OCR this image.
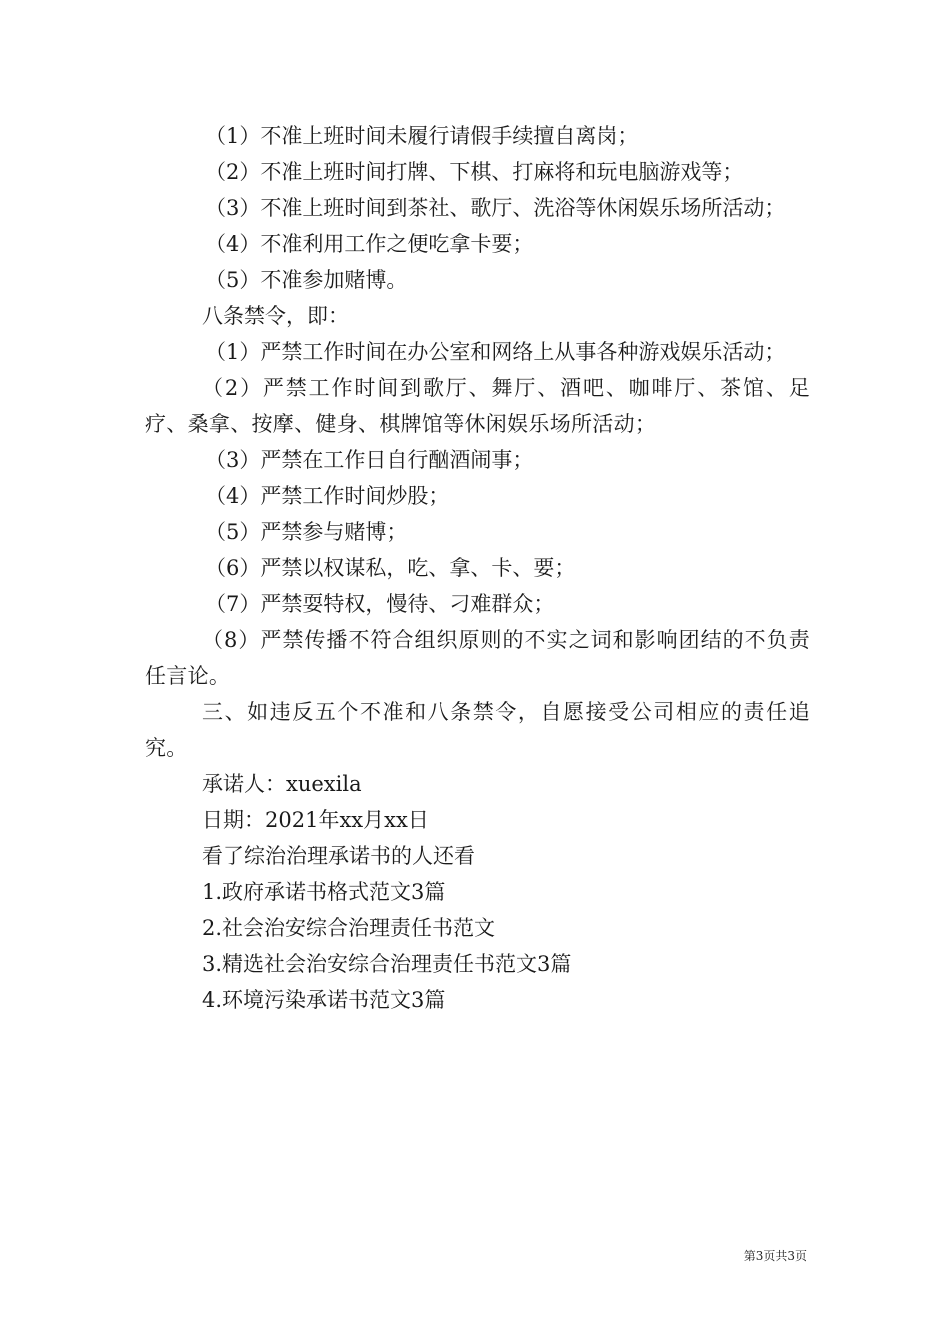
（1）不准上班时间未履行请假手续擅自离岗；

（2）不准上班时间打牌、下棋、打麻将和玩电脑游戏等；

（3）不准上班时间到茶社、歌厅、洗浴等休闲娱乐场所活动；

（4）不准利用工作之便吃拿卡要；

（5）不准参加赌博。

八条禁令，即：

（1）严禁工作时间在办公室和网络上从事各种游戏娱乐活动；

（2）严禁工作时间到歌厅、舞厅、酒吧、咖啡厅、茶馆、足疗、桑拿、按摩、健身、棋牌馆等休闲娱乐场所活动；

（3）严禁在工作日自行酗酒闹事；

（4）严禁工作时间炒股；

（5）严禁参与赌博；

（6）严禁以权谋私，吃、拿、卡、要；

（7）严禁耍特权，慢待、刁难群众；

（8）严禁传播不符合组织原则的不实之词和影响团结的不负责任言论。

三、如违反五个不准和八条禁令，自愿接受公司相应的责任追究。

承诺人：xuexila

日期：2021年xx月xx日

看了综治治理承诺书的人还看

1.政府承诺书格式范文3篇

2.社会治安综合治理责任书范文

3.精选社会治安综合治理责任书范文3篇

4.环境污染承诺书范文3篇

第3页共3页
